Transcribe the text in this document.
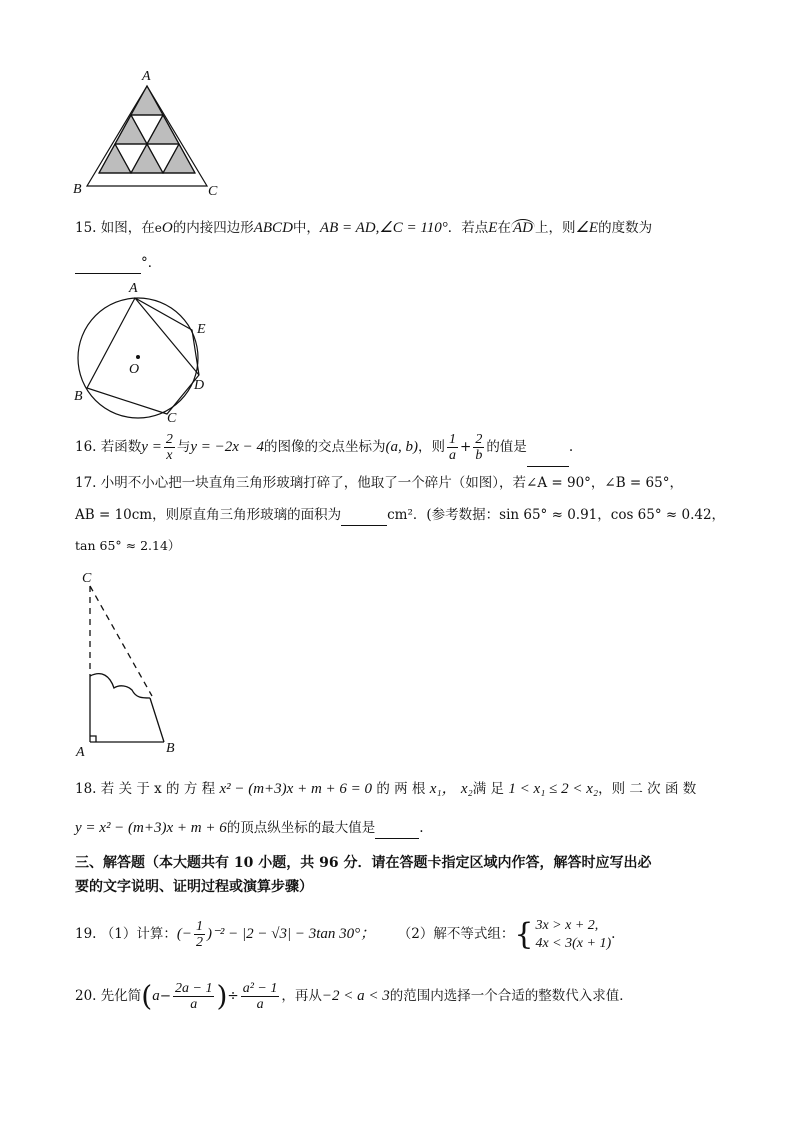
A
B	C
15. 如图，在eO的内接四边形ABCD中，AB = AD,∠C = 110°．若点E在 AD 上，则∠E的度数为
°．
A
E
O
D
B
C
16. 若函数$y = \frac{2}{x}$ 与y = −2x − 4的图像的交点坐标为(a, b)，则 $\frac{1}{a} + \frac{2}{b}$ 的值是	.
17. 小明不小心把一块直角三角形玻璃打碎了，他取了一个碎片（如图），若∠A = 90°，∠B = 65°，
AB = 10cm，则原直角三角形玻璃的面积为	cm²．(参考数据：sin 65° ≈ 0.91，cos 65° ≈ 0.42，
tan 65° ≈ 2.14）
C
A	B
18. 若 关 于 x 的 方 程 x² − (m+3)x + m + 6 = 0 的 两 根 x₁， x₂满 足 1 < x₁ ≤ 2 < x₂，则 二 次 函 数
y = x² − (m+3)x + m + 6的顶点纵坐标的最大值是	.
三、解答题（本大题共有 10 小题，共 96 分．请在答题卡指定区域内作答，解答时应写出必
要的文字说明、证明过程或演算步骤）
19. （1）计算：(− $\frac{1}{2} )^{-2} - |2 - √3| - 3\tan$ 30°； （2）解不等式组：{ 3x > x + 2,
4x < 3(x + 1)
.
20. 先化简($a- \frac{2a - 1}{a}$ )÷ $\frac{\text{a² − 1}}{a}$ ，再从−2 < a < 3的范围内选择一个合适的整数代入求值．
